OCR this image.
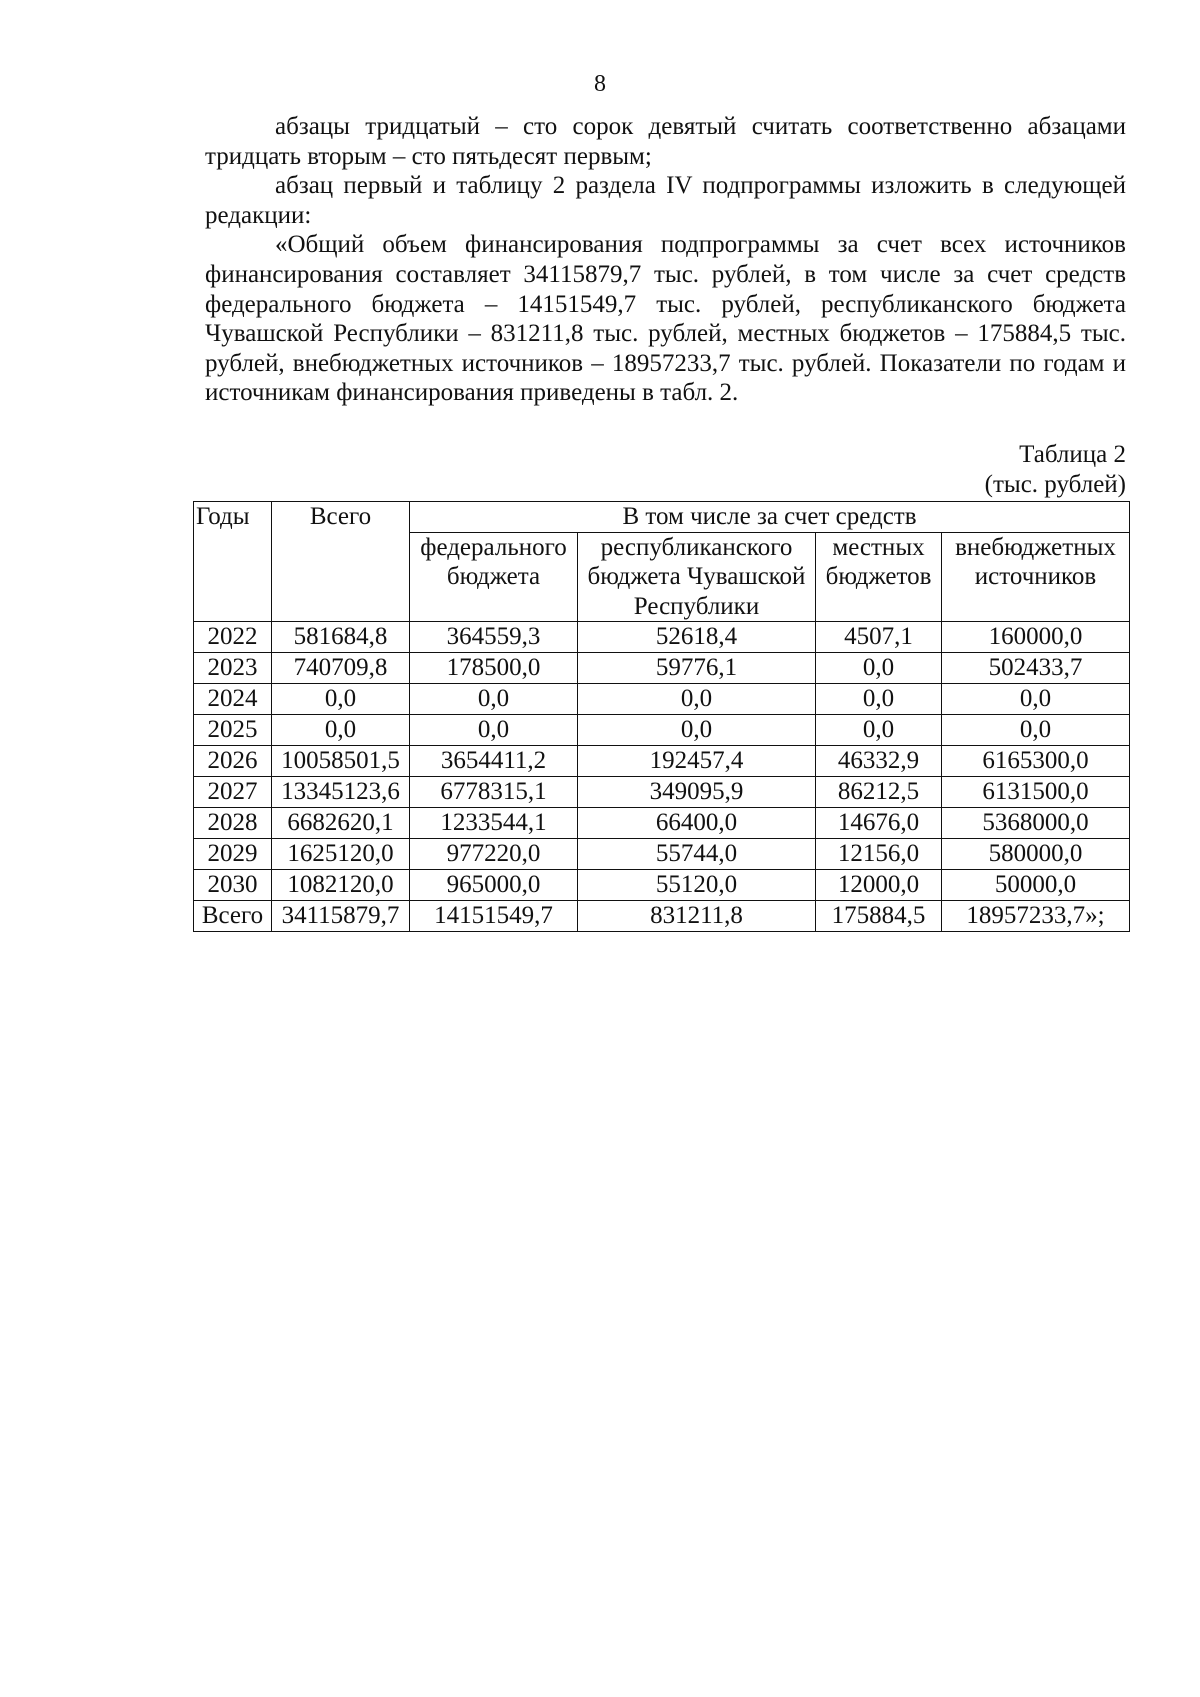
8

абзацы тридцатый – сто сорок девятый считать соответственно абзацами тридцать вторым – сто пятьдесят первым;

абзац первый и таблицу 2 раздела IV подпрограммы изложить в следующей редакции:

«Общий объем финансирования подпрограммы за счет всех источников финансирования составляет 34115879,7 тыс. рублей, в том числе за счет средств федерального бюджета – 14151549,7 тыс. рублей, республиканского бюджета Чувашской Республики – 831211,8 тыс. рублей, местных бюджетов – 175884,5 тыс. рублей, внебюджетных источников – 18957233,7 тыс. рублей. Показатели по годам и источникам финансирования приведены в табл. 2.

Таблица 2
(тыс. рублей)
Годы	Всего	В том числе за счет средств			
		федерального бюджета	республиканского бюджета Чувашской Республики	местных бюджетов	внебюджетных источников
2022	581684,8	364559,3	52618,4	4507,1	160000,0
2023	740709,8	178500,0	59776,1	0,0	502433,7
2024	0,0	0,0	0,0	0,0	0,0
2025	0,0	0,0	0,0	0,0	0,0
2026	10058501,5	3654411,2	192457,4	46332,9	6165300,0
2027	13345123,6	6778315,1	349095,9	86212,5	6131500,0
2028	6682620,1	1233544,1	66400,0	14676,0	5368000,0
2029	1625120,0	977220,0	55744,0	12156,0	580000,0
2030	1082120,0	965000,0	55120,0	12000,0	50000,0
Всего	34115879,7	14151549,7	831211,8	175884,5	18957233,7»;
